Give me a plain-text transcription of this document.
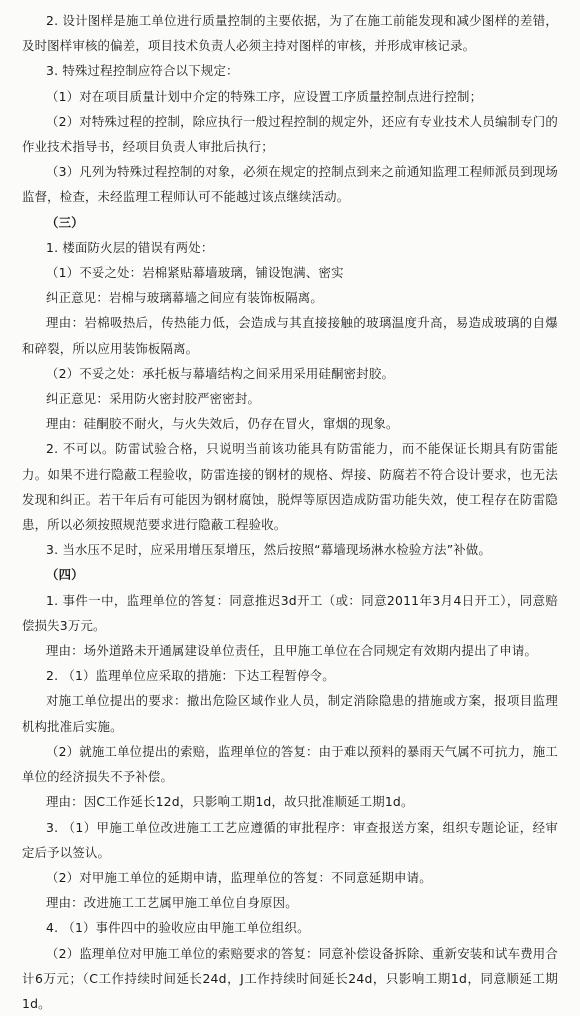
2. 设计图样是施工单位进行质量控制的主要依据，为了在施工前能发现和减少图样的差错，及时图样审核的偏差，项目技术负责人必须主持对图样的审核，并形成审核记录。

3. 特殊过程控制应符合以下规定：

（1）对在项目质量计划中介定的特殊工序，应设置工序质量控制点进行控制；

（2）对特殊过程的控制，除应执行一般过程控制的规定外，还应有专业技术人员编制专门的作业技术指导书，经项目负责人审批后执行；

（3）凡列为特殊过程控制的对象，必须在规定的控制点到来之前通知监理工程师派员到现场监督，检查，未经监理工程师认可不能越过该点继续活动。

（三）

1. 楼面防火层的错误有两处：

（1）不妥之处：岩棉紧贴幕墙玻璃，铺设饱满、密实

纠正意见：岩棉与玻璃幕墙之间应有装饰板隔离。

理由：岩棉吸热后，传热能力低，会造成与其直接接触的玻璃温度升高，易造成玻璃的自爆和碎裂，所以应用装饰板隔离。

（2）不妥之处：承托板与幕墙结构之间采用采用硅酮密封胶。

纠正意见：采用防火密封胶严密密封。

理由：硅酮胶不耐火，与火失效后，仍存在冒火，窜烟的现象。

2. 不可以。防雷试验合格，只说明当前该功能具有防雷能力，而不能保证长期具有防雷能力。如果不进行隐蔽工程验收，防雷连接的钢材的规格、焊接、防腐若不符合设计要求，也无法发现和纠正。若干年后有可能因为钢材腐蚀，脱焊等原因造成防雷功能失效，使工程存在防雷隐患，所以必须按照规范要求进行隐蔽工程验收。

3. 当水压不足时，应采用增压泵增压，然后按照“幕墙现场淋水检验方法”补做。

（四）

1. 事件一中，监理单位的答复：同意推迟3d开工（或：同意2011年3月4日开工），同意赔偿损失3万元。

理由：场外道路未开通属建设单位责任，且甲施工单位在合同规定有效期内提出了申请。

2. （1）监理单位应采取的措施：下达工程暂停令。

对施工单位提出的要求：撤出危险区域作业人员，制定消除隐患的措施或方案，报项目监理机构批准后实施。

（2）就施工单位提出的索赔，监理单位的答复：由于难以预料的暴雨天气属不可抗力，施工单位的经济损失不予补偿。

理由：因C工作延长12d，只影响工期1d，故只批准顺延工期1d。

3. （1）甲施工单位改进施工工艺应遵循的审批程序：审查报送方案，组织专题论证，经审定后予以签认。

（2）对甲施工单位的延期申请，监理单位的答复：不同意延期申请。

理由：改进施工工艺属甲施工单位自身原因。

4. （1）事件四中的验收应由甲施工单位组织。

（2）监理单位对甲施工单位的索赔要求的答复：同意补偿设备拆除、重新安装和试车费用合计6万元；（C工作持续时间延长24d，J工作持续时间延长24d，只影响工期1d，同意顺延工期1d。
